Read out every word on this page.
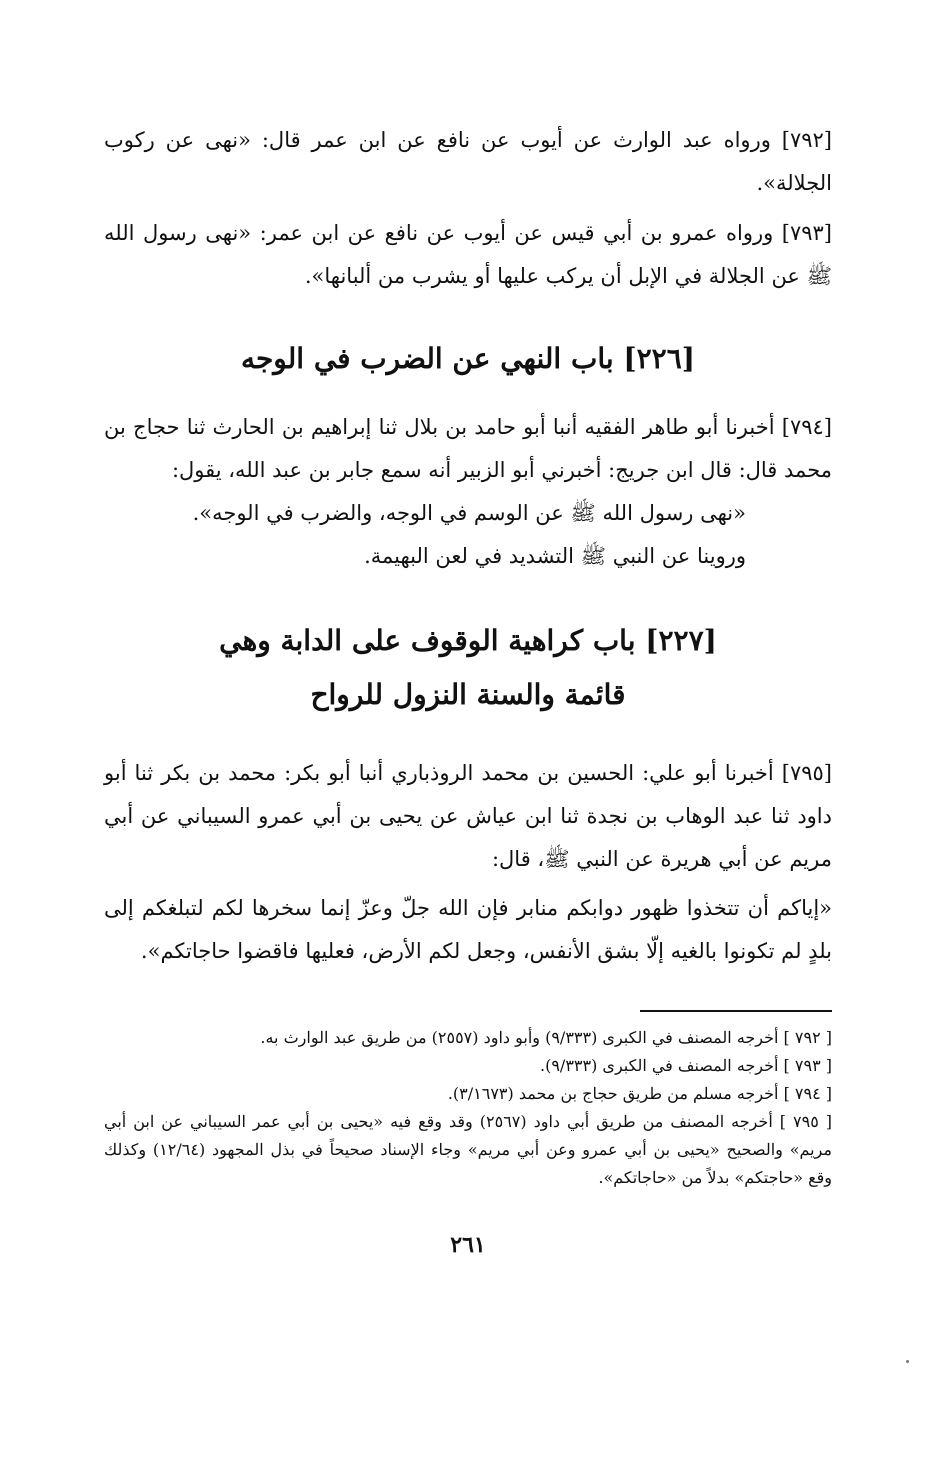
[٧٩٢] ورواه عبد الوارث عن أيوب عن نافع عن ابن عمر قال: «نهى عن ركوب الجلالة».

[٧٩٣] ورواه عمرو بن أبي قيس عن أيوب عن نافع عن ابن عمر: «نهى رسول الله ﷺ عن الجلالة في الإبل أن يركب عليها أو يشرب من ألبانها».

[٢٢٦] باب النهي عن الضرب في الوجه

[٧٩٤] أخبرنا أبو طاهر الفقيه أنبا أبو حامد بن بلال ثنا إبراهيم بن الحارث ثنا حجاج بن محمد قال: قال ابن جريج: أخبرني أبو الزبير أنه سمع جابر بن عبد الله، يقول:

«نهى رسول الله ﷺ عن الوسم في الوجه، والضرب في الوجه».

وروينا عن النبي ﷺ التشديد في لعن البهيمة.

[٢٢٧] باب كراهية الوقوف على الدابة وهي
قائمة والسنة النزول للرواح

[٧٩٥] أخبرنا أبو علي: الحسين بن محمد الروذباري أنبا أبو بكر: محمد بن بكر ثنا أبو داود ثنا عبد الوهاب بن نجدة ثنا ابن عياش عن يحيى بن أبي عمرو السيباني عن أبي مريم عن أبي هريرة عن النبي ﷺ، قال:

«إياكم أن تتخذوا ظهور دوابكم منابر فإن الله جلّ وعزّ إنما سخرها لكم لتبلغكم إلى بلدٍ لم تكونوا بالغيه إلّا بشق الأنفس، وجعل لكم الأرض، فعليها فاقضوا حاجاتكم».

[ ٧٩٢ ] أخرجه المصنف في الكبرى (٩/٣٣٣) وأبو داود (٢٥٥٧) من طريق عبد الوارث به.

[ ٧٩٣ ] أخرجه المصنف في الكبرى (٩/٣٣٣).

[ ٧٩٤ ] أخرجه مسلم من طريق حجاج بن محمد (٣/١٦٧٣).

[ ٧٩٥ ] أخرجه المصنف من طريق أبي داود (٢٥٦٧) وقد وقع فيه «يحيى بن أبي عمر السيباني عن ابن أبي مريم» والصحيح «يحيى بن أبي عمرو وعن أبي مريم» وجاء الإسناد صحيحاً في بذل المجهود (١٢/٦٤) وكذلك وقع «حاجتكم» بدلاً من «حاجاتكم».

٢٦١
